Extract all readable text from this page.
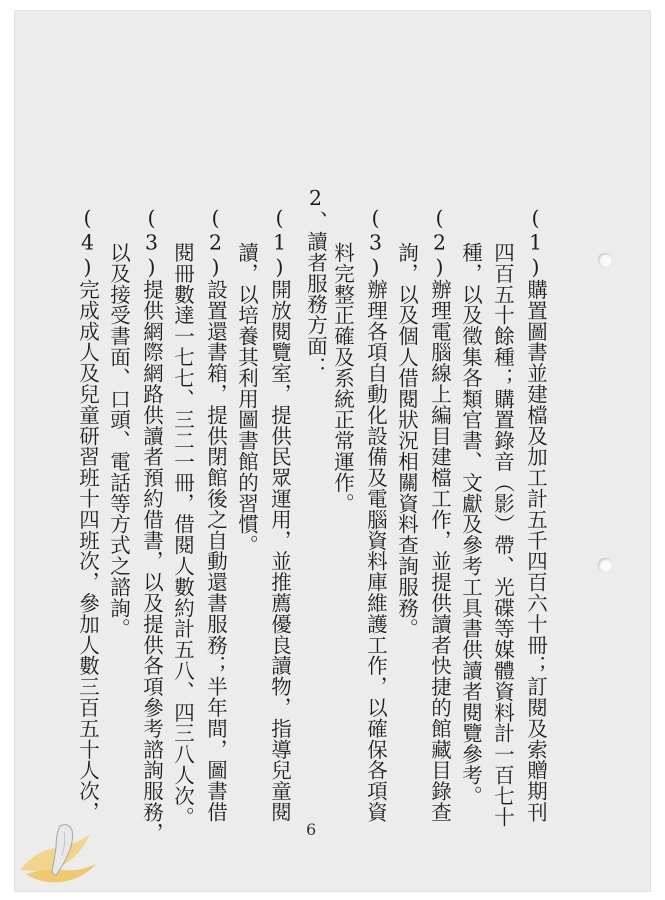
2、讀者服務方面：	(1)購置圖書並建檔及加工計五千四百六十冊；訂閱及索贈期刊
四百五十餘種；購置錄音（影）帶、光碟等媒體資料計一百七十
種，以及徵集各類官書、文獻及參考工具書供讀者閱覽參考。
(2)辦理電腦線上編目建檔工作，並提供讀者快捷的館藏目錄查
詢，以及個人借閱狀況相關資料查詢服務。
(3)辦理各項自動化設備及電腦資料庫維護工作，以確保各項資
料完整正確及系統正常運作。
(1)開放閱覽室，提供民眾運用，並推薦優良讀物，指導兒童閱
讀，以培養其利用圖書館的習慣。
(2)設置還書箱，提供閉館後之自動還書服務；半年間，圖書借
閱冊數達一七七、三二一冊，借閱人數約計五八、四三八人次。
(3)提供網際網路供讀者預約借書，以及提供各項參考諮詢服務，
以及接受書面、口頭、電話等方式之諮詢。
(4)完成成人及兒童研習班十四班次，參加人數三百五十人次，
6
